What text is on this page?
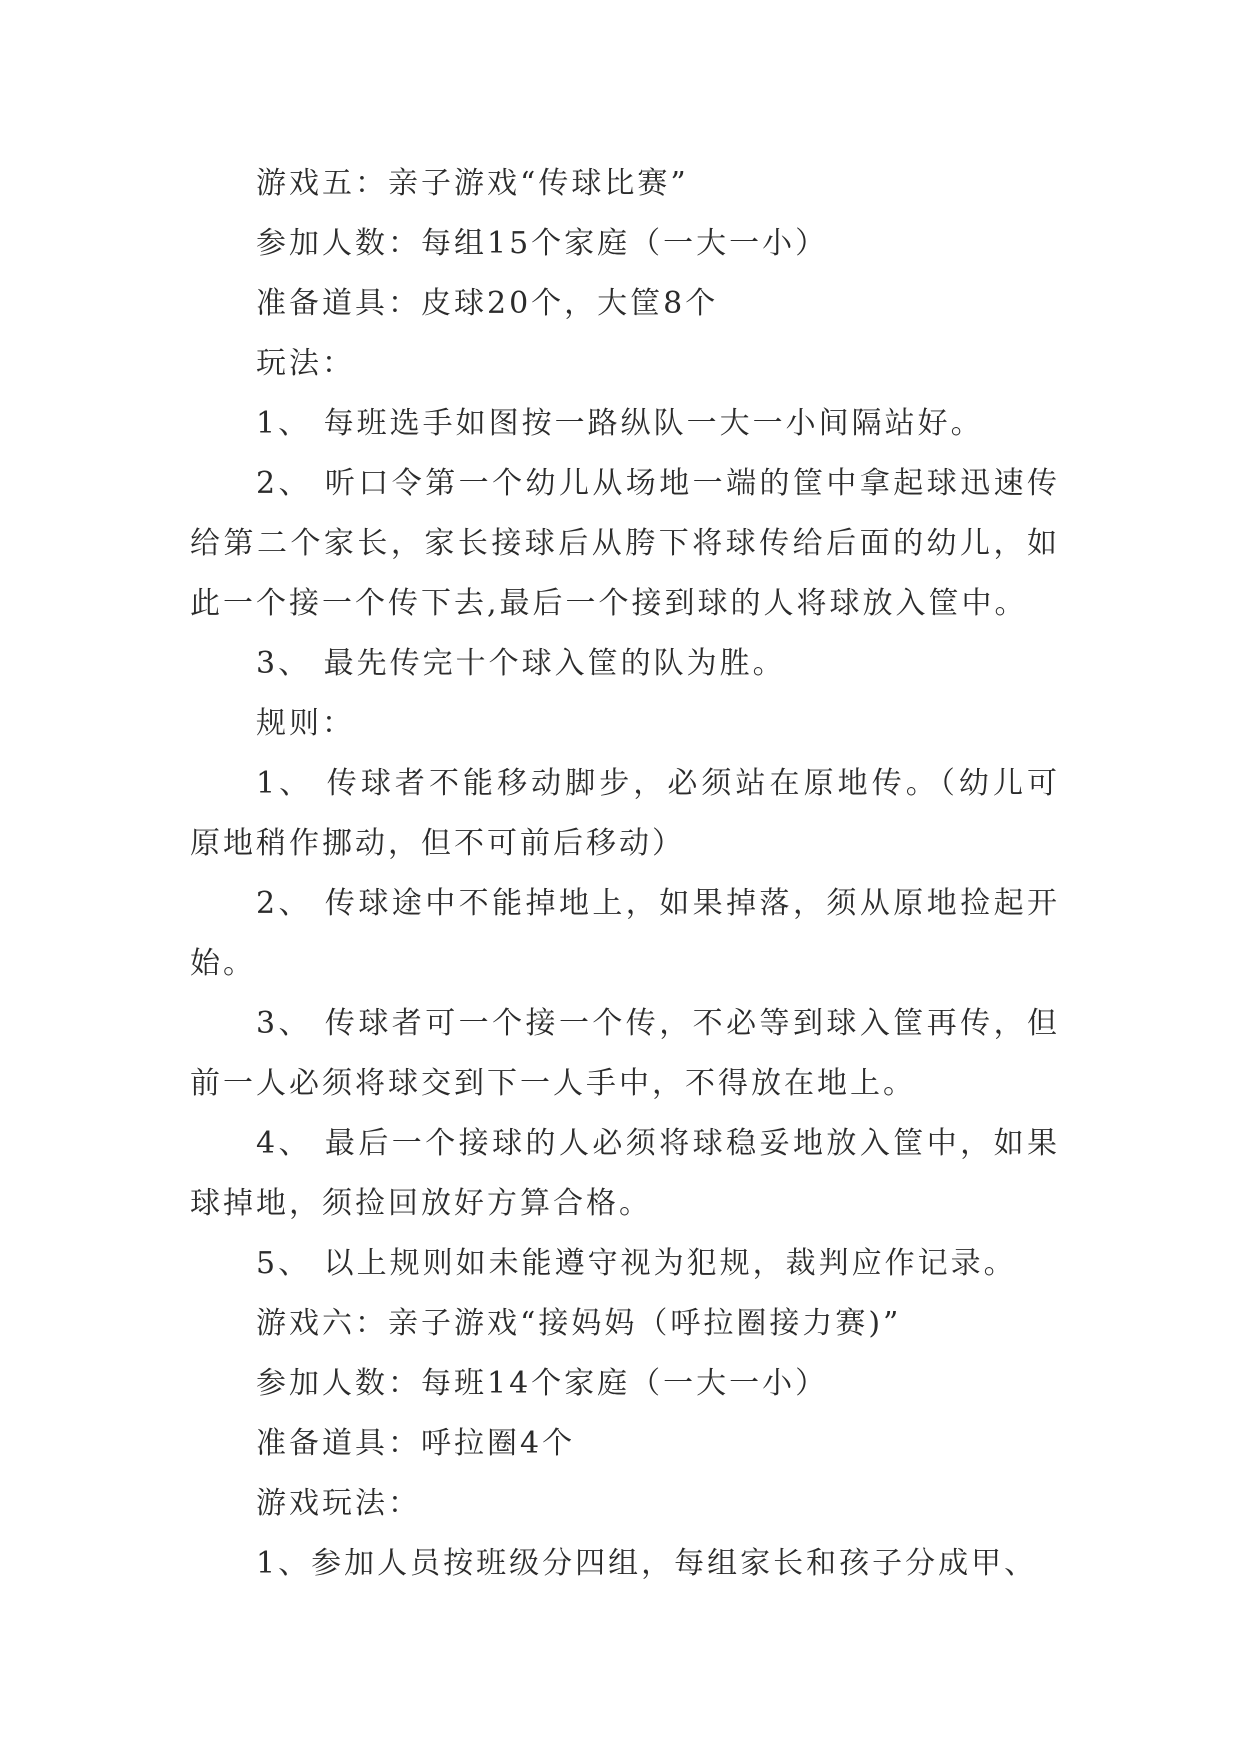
游戏五：亲子游戏“传球比赛”

参加人数：每组15个家庭（一大一小）

准备道具：皮球20个，大筐8个

玩法：

1、 每班选手如图按一路纵队一大一小间隔站好。

2、 听口令第一个幼儿从场地一端的筐中拿起球迅速传给第二个家长，家长接球后从胯下将球传给后面的幼儿，如此一个接一个传下去,最后一个接到球的人将球放入筐中。

3、 最先传完十个球入筐的队为胜。

规则：

1、 传球者不能移动脚步，必须站在原地传。（幼儿可原地稍作挪动，但不可前后移动）

2、 传球途中不能掉地上，如果掉落，须从原地捡起开始。

3、 传球者可一个接一个传，不必等到球入筐再传，但前一人必须将球交到下一人手中，不得放在地上。

4、 最后一个接球的人必须将球稳妥地放入筐中，如果球掉地，须捡回放好方算合格。

5、 以上规则如未能遵守视为犯规，裁判应作记录。

游戏六：亲子游戏“接妈妈（呼拉圈接力赛)”

参加人数：每班14个家庭（一大一小）

准备道具：呼拉圈4个

游戏玩法：

1、参加人员按班级分四组，每组家长和孩子分成甲、
